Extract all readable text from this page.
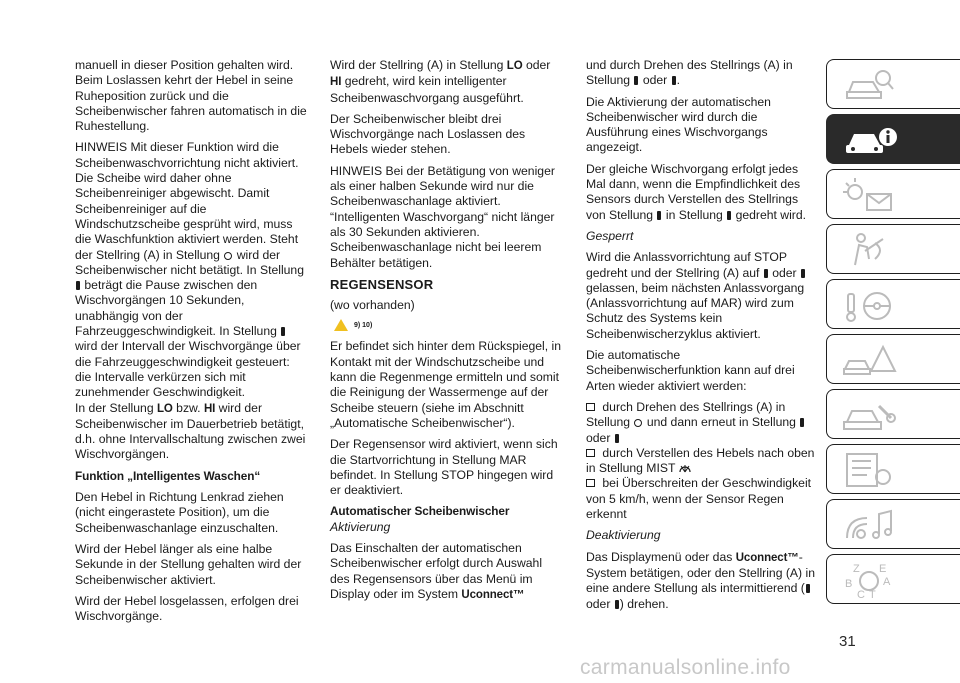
manuell in dieser Position gehalten wird. Beim Loslassen kehrt der Hebel in seine Ruheposition zurück und die Scheibenwischer fahren automatisch in die Ruhestellung.

HINWEIS Mit dieser Funktion wird die Scheibenwaschvorrichtung nicht aktiviert. Die Scheibe wird daher ohne Scheibenreiniger abgewischt. Damit Scheibenreiniger auf die Windschutzscheibe gesprüht wird, muss die Waschfunktion aktiviert werden. Steht der Stellring (A) in Stellung wird der Scheibenwischer nicht betätigt. In Stellung  beträgt die Pause zwischen den Wischvorgängen 10 Sekunden, unabhängig von der Fahrzeuggeschwindigkeit. In Stellung  wird der Intervall der Wischvorgänge über die Fahrzeuggeschwindigkeit gesteuert: die Intervalle verkürzen sich mit zunehmender Geschwindigkeit.
In der Stellung LO bzw. HI wird der Scheibenwischer im Dauerbetrieb betätigt, d.h. ohne Intervallschaltung zwischen zwei Wischvorgängen.

Funktion „Intelligentes Waschen“

Den Hebel in Richtung Lenkrad ziehen (nicht eingerastete Position), um die Scheibenwaschanlage einzuschalten.

Wird der Hebel länger als eine halbe Sekunde in der Stellung gehalten wird der Scheibenwischer aktiviert.

Wird der Hebel losgelassen, erfolgen drei Wischvorgänge.

Wird der Stellring (A) in Stellung LO oder HI gedreht, wird kein intelligenter Scheibenwaschvorgang ausgeführt.

Der Scheibenwischer bleibt drei Wischvorgänge nach Loslassen des Hebels wieder stehen.

HINWEIS Bei der Betätigung von weniger als einer halben Sekunde wird nur die Scheibenwaschanlage aktiviert. “Intelligenten Waschvorgang“ nicht länger als 30 Sekunden aktivieren. Scheibenwaschanlage nicht bei leerem Behälter betätigen.

REGENSENSOR

(wo vorhanden)

9) 10)

Er befindet sich hinter dem Rückspiegel, in Kontakt mit der Windschutzscheibe und kann die Regenmenge ermitteln und somit die Reinigung der Wassermenge auf der Scheibe steuern (siehe im Abschnitt „Automatische Scheibenwischer“).

Der Regensensor wird aktiviert, wenn sich die Startvorrichtung in Stellung MAR befindet. In Stellung STOP hingegen wird er deaktiviert.

Automatischer Scheibenwischer

Aktivierung

Das Einschalten der automatischen Scheibenwischer erfolgt durch Auswahl des Regensensors über das Menü im Display oder im System Uconnect™

und durch Drehen des Stellrings (A) in Stellung oder .

Die Aktivierung der automatischen Scheibenwischer wird durch die Ausführung eines Wischvorgangs angezeigt.

Der gleiche Wischvorgang erfolgt jedes Mal dann, wenn die Empfindlichkeit des Sensors durch Verstellen des Stellrings von Stellung in Stellung gedreht wird.

Gesperrt

Wird die Anlassvorrichtung auf STOP gedreht und der Stellring (A) auf oder  gelassen, beim nächsten Anlassvorgang (Anlassvorrichtung auf MAR) wird zum Schutz des Systems kein Scheibenwischerzyklus aktiviert.

Die automatische Scheibenwischerfunktion kann auf drei Arten wieder aktiviert werden:

durch Drehen des Stellrings (A) in Stellung und dann erneut in Stellung  oder

durch Verstellen des Hebels nach oben in Stellung MIST

bei Überschreiten der Geschwindigkeit von 5 km/h, wenn der Sensor Regen erkennt

Deaktivierung

Das Displaymenü oder das Uconnect™-System betätigen, oder den Stellring (A) in eine andere Stellung als intermittierend ( oder ) drehen.

Z E
A
B
C T
31
carmanualsonline.info
